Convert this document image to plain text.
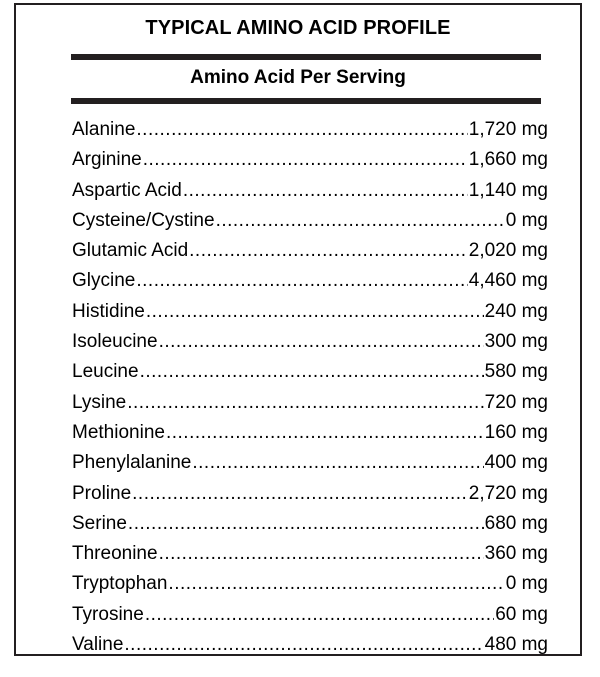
TYPICAL AMINO ACID PROFILE
Amino Acid Per Serving
Alanine .....	1,720 mg
Arginine .....	1,660 mg
Aspartic Acid .....	1,140 mg
Cysteine/Cystine .....	0 mg
Glutamic Acid .....	2,020 mg
Glycine .....	4,460 mg
Histidine .....	240 mg
Isoleucine .....	300 mg
Leucine .....	580 mg
Lysine .....	720 mg
Methionine .....	160 mg
Phenylalanine .....	400 mg
Proline .....	2,720 mg
Serine .....	680 mg
Threonine .....	360 mg
Tryptophan .....	0 mg
Tyrosine .....	60 mg
Valine .....	480 mg
